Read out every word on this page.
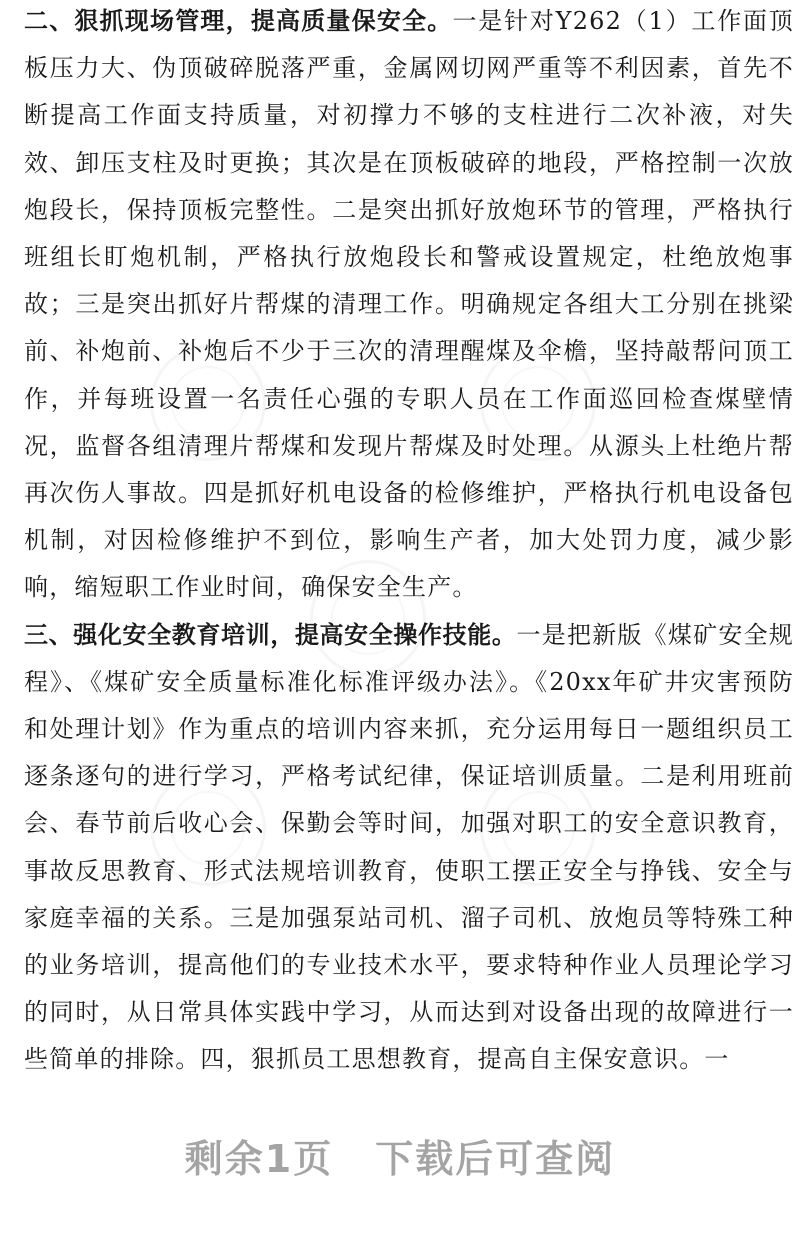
二、狠抓现场管理，提高质量保安全。一是针对Y262（1）工作面顶板压力大、伪顶破碎脱落严重，金属网切网严重等不利因素，首先不断提高工作面支持质量，对初撑力不够的支柱进行二次补液，对失效、卸压支柱及时更换；其次是在顶板破碎的地段，严格控制一次放炮段长，保持顶板完整性。二是突出抓好放炮环节的管理，严格执行班组长盯炮机制，严格执行放炮段长和警戒设置规定，杜绝放炮事故；三是突出抓好片帮煤的清理工作。明确规定各组大工分别在挑梁前、补炮前、补炮后不少于三次的清理醒煤及伞檐，坚持敲帮问顶工作，并每班设置一名责任心强的专职人员在工作面巡回检查煤壁情况，监督各组清理片帮煤和发现片帮煤及时处理。从源头上杜绝片帮再次伤人事故。四是抓好机电设备的检修维护，严格执行机电设备包机制，对因检修维护不到位，影响生产者，加大处罚力度，减少影响，缩短职工作业时间，确保安全生产。

三、强化安全教育培训，提高安全操作技能。一是把新版《煤矿安全规程》、《煤矿安全质量标准化标准评级办法》。《20xx年矿井灾害预防和处理计划》作为重点的培训内容来抓，充分运用每日一题组织员工逐条逐句的进行学习，严格考试纪律，保证培训质量。二是利用班前会、春节前后收心会、保勤会等时间，加强对职工的安全意识教育，事故反思教育、形式法规培训教育，使职工摆正安全与挣钱、安全与家庭幸福的关系。三是加强泵站司机、溜子司机、放炮员等特殊工种的业务培训，提高他们的专业技术水平，要求特种作业人员理论学习的同时，从日常具体实践中学习，从而达到对设备出现的故障进行一些简单的排除。四，狠抓员工思想教育，提高自主保安意识。一

剩余1页 下载后可查阅
